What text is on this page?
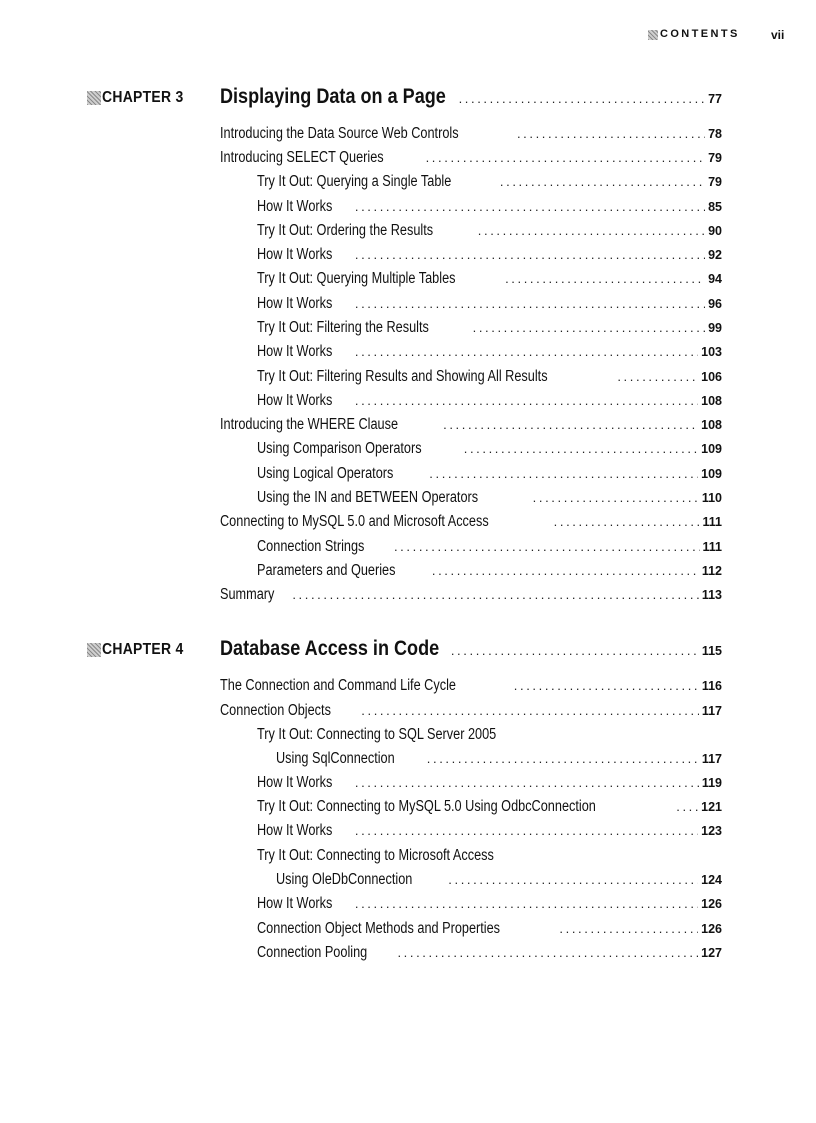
CONTENTS	vii
CHAPTER 3 Displaying Data on a Page .....	77
Introducing the Data Source Web Controls .....	78
Introducing SELECT Queries .....	79
Try It Out: Querying a Single Table .....	79
How It Works .....	85
Try It Out: Ordering the Results .....	90
How It Works .....	92
Try It Out: Querying Multiple Tables .....	94
How It Works .....	96
Try It Out: Filtering the Results .....	99
How It Works .....	103
Try It Out: Filtering Results and Showing All Results .....	106
How It Works .....	108
Introducing the WHERE Clause .....	108
Using Comparison Operators .....	109
Using Logical Operators .....	109
Using the IN and BETWEEN Operators .....	110
Connecting to MySQL 5.0 and Microsoft Access .....	111
Connection Strings .....	111
Parameters and Queries .....	112
Summary .....	113
CHAPTER 4 Database Access in Code .....	115
The Connection and Command Life Cycle .....	116
Connection Objects .....	117
Try It Out: Connecting to SQL Server 2005
Using SqlConnection .....	117
How It Works .....	119
Try It Out: Connecting to MySQL 5.0 Using OdbcConnection .....	121
How It Works .....	123
Try It Out: Connecting to Microsoft Access
Using OleDbConnection .....	124
How It Works .....	126
Connection Object Methods and Properties .....	126
Connection Pooling .....	127
